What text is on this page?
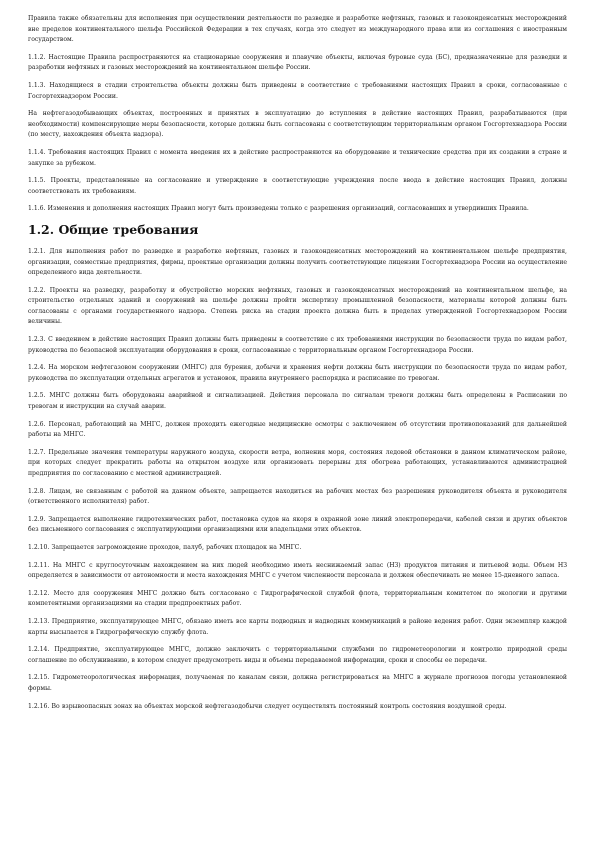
Правила также обязательны для исполнения при осуществлении деятельности по разведке и разработке нефтяных, газовых и газоконденсатных месторождений вне пределов континентального шельфа Российской Федерации в тех случаях, когда это следует из международного права или из соглашения с иностранным государством.

1.1.2. Настоящие Правила распространяются на стационарные сооружения и плавучие объекты, включая буровые суда (БС), предназначенные для разведки и разработки нефтяных и газовых месторождений на континентальном шельфе России.

1.1.3. Находящиеся в стадии строительства объекты должны быть приведены в соответствие с требованиями настоящих Правил в сроки, согласованные с Госгортехнадзором России.

На нефтегазодобывающих объектах, построенных и принятых в эксплуатацию до вступления в действие настоящих Правил, разрабатываются (при необходимости) компенсирующие меры безопасности, которые должны быть согласованы с соответствующим территориальным органом Госгортехнадзора России (по месту, нахождения объекта надзора).

1.1.4. Требования настоящих Правил с момента введения их в действие распространяются на оборудование и технические средства при их создании в стране и закупке за рубежом.

1.1.5. Проекты, представленные на согласование и утверждение в соответствующие учреждения после ввода в действие настоящих Правил, должны соответствовать их требованиям.

1.1.6. Изменения и дополнения настоящих Правил могут быть произведены только с разрешения организаций, согласовавших и утвердивших Правила.

1.2. Общие требования

1.2.1. Для выполнения работ по разведке и разработке нефтяных, газовых и газоконденсатных месторождений на континентальном шельфе предприятия, организации, совместные предприятия, фирмы, проектные организации должны получить соответствующие лицензии Госгортехнадзора России на осуществление определенного вида деятельности.

1.2.2. Проекты на разведку, разработку и обустройство морских нефтяных, газовых и газоконденсатных месторождений на континентальном шельфе, на строительство отдельных зданий и сооружений на шельфе должны пройти экспертизу промышленной безопасности, материалы которой должны быть согласованы с органами государственного надзора. Степень риска на стадии проекта должна быть в пределах утвержденной Госгортехнадзором России величины.

1.2.3. С введением в действие настоящих Правил должны быть приведены в соответствие с их требованиями инструкции по безопасности труда по видам работ, руководства по безопасной эксплуатации оборудования в сроки, согласованные с территориальным органом Госгортехнадзора России.

1.2.4. На морском нефтегазовом сооружении (МНГС) для бурения, добычи и хранения нефти должны быть инструкции по безопасности труда по видам работ, руководства по эксплуатации отдельных агрегатов и установок, правила внутреннего распорядка и расписание по тревогам.

1.2.5. МНГС должны быть оборудованы аварийной и сигнализацией. Действия персонала по сигналам тревоги должны быть определены в Расписании по тревогам и инструкции на случай аварии.

1.2.6. Персонал, работающий на МНГС, должен проходить ежегодные медицинские осмотры с заключением об отсутствии противопоказаний для дальнейшей работы на МНГС.

1.2.7. Предельные значения температуры наружного воздуха, скорости ветра, волнения моря, состояния ледовой обстановки в данном климатическом районе, при которых следует прекратить работы на открытом воздухе или организовать перерывы для обогрева работающих, устанавливаются администрацией предприятия по согласованию с местной администрацией.

1.2.8. Лицам, не связанным с работой на данном объекте, запрещается находиться на рабочих местах без разрешения руководителя объекта и руководителя (ответственного исполнителя) работ.

1.2.9. Запрещается выполнение гидротехнических работ, постановка судов на якоря в охранной зоне линий электропередачи, кабелей связи и других объектов без письменного согласования с эксплуатирующими организациями или владельцами этих объектов.

1.2.10. Запрещается загромождение проходов, палуб, рабочих площадок на МНГС.

1.2.11. На МНГС с круглосуточным нахождением на них людей необходимо иметь неснижаемый запас (НЗ) продуктов питания и питьевой воды. Объем НЗ определяется в зависимости от автономности и места нахождения МНГС с учетом численности персонала и должен обеспечивать не менее 15-дневного запаса.

1.2.12. Место для сооружения МНГС должно быть согласовано с Гидрографической службой флота, территориальным комитетом по экологии и другими компетентными организациями на стадии предпроектных работ.

1.2.13. Предприятие, эксплуатирующее МНГС, обязано иметь все карты подводных и надводных коммуникаций в районе ведения работ. Одни экземпляр каждой карты высылается в Гидрографическую службу флота.

1.2.14. Предприятие, эксплуатирующее МНГС, должно заключить с территориальными службами по гидрометеорологии и контролю природной среды соглашение по обслуживанию, в котором следует предусмотреть виды и объемы передаваемой информации, сроки и способы ее передачи.

1.2.15. Гидрометеорологическая информация, получаемая по каналам связи, должна регистрироваться на МНГС в журнале прогнозов погоды установленной формы.

1.2.16. Во взрывоопасных зонах на объектах морской нефтегазодобычи следует осуществлять постоянный контроль состояния воздушной среды.
